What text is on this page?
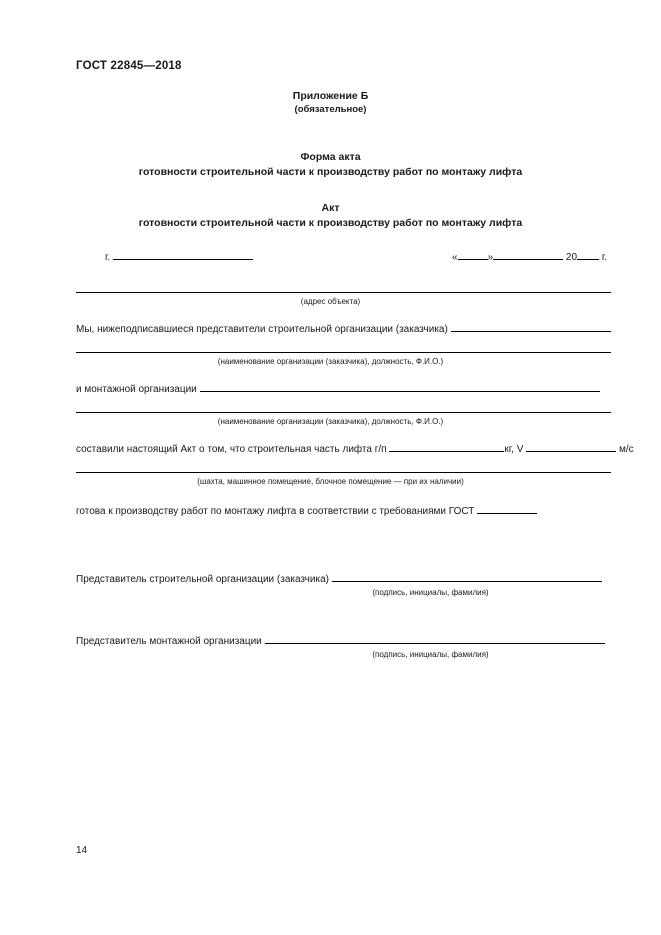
ГОСТ 22845—2018
Приложение Б
(обязательное)
Форма акта
готовности строительной части к производству работ по монтажу лифта
Акт
готовности строительной части к производству работ по монтажу лифта
г.	«	»	20 г.
(адрес объекта)
Мы, нижеподписавшиеся представители строительной организации (заказчика)
(наименование организации (заказчика), должность, Ф.И.О.)
и монтажной организации
(наименование организации (заказчика), должность, Ф.И.О.)
составили настоящий Акт о том, что строительная часть лифта г/п	кг, V	м/с
(шахта, машинное помещение, блочное помещение — при их наличии)
готова к производству работ по монтажу лифта в соответствии с требованиями ГОСТ
Представитель строительной организации (заказчика)
(подпись, инициалы, фамилия)
Представитель монтажной организации
(подпись, инициалы, фамилия)
14
